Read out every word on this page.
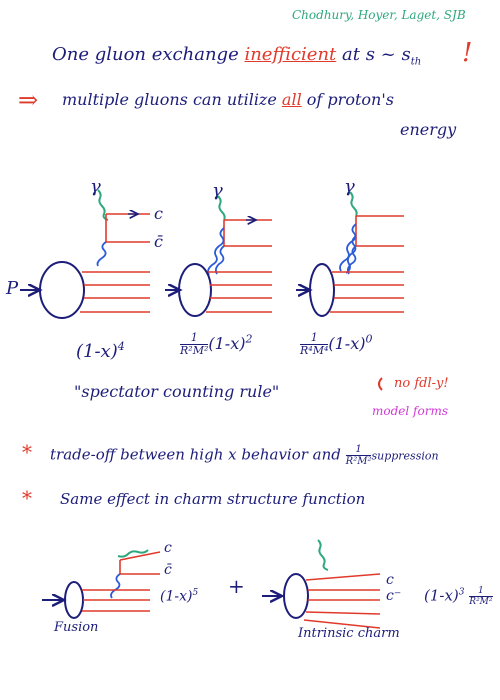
Chodhury, Hoyer, Laget, SJB
One gluon exchange inefficient at s ~ $s_{th}$ !
⇒ multiple gluons can utilize all of proton's
energy
γ	γ	γ
c
c̄
P
$(1-x)^4$	$\frac{1}{\text{R²M²}} (1-x)^2$	$\frac{1}{\text{R⁴M⁴}} (1-x)^0$
"spectator counting rule"	no fdl-y!
model forms
* trade-off between high x behavior and $\frac{1}{\text{R²M²}}$ suppression
* Same effect in charm structure function
c
c̄
$(1-x)^5$ +	c
c⁻ $(1-x)^3 \frac{1}{\text{R²M²}}$
Fusion	Intrinsic charm
